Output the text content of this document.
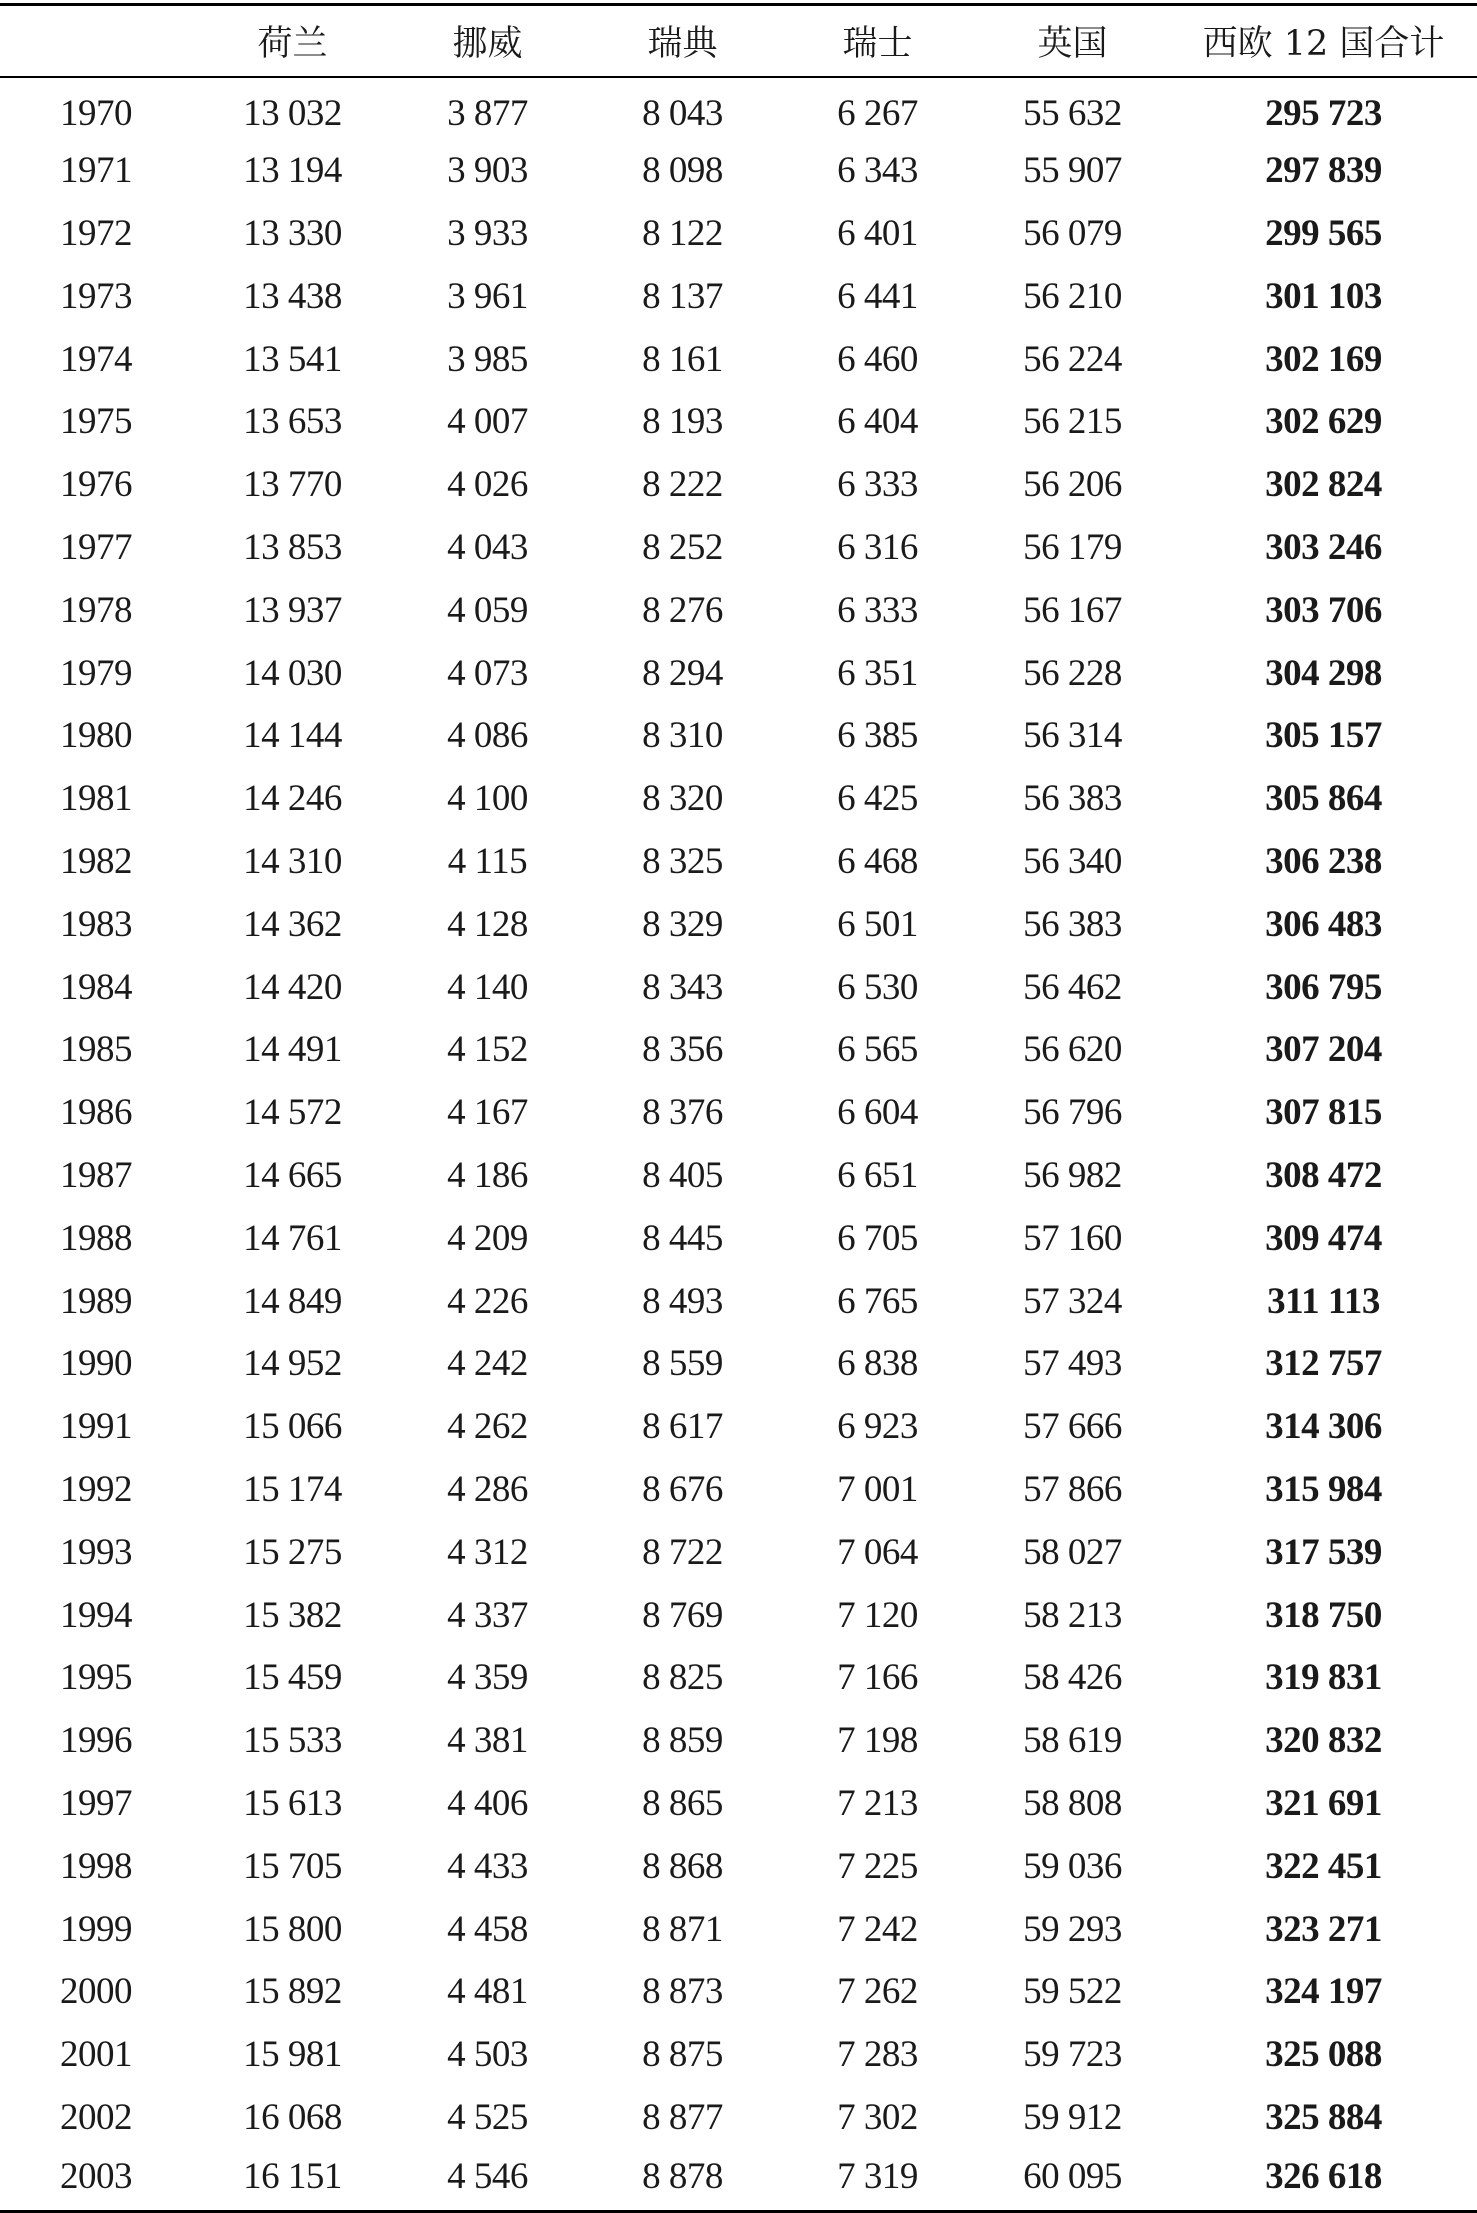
	荷兰	挪威	瑞典	瑞士	英国	西欧 12 国合计
1970	13 032	3 877	8 043	6 267	55 632	295 723
1971	13 194	3 903	8 098	6 343	55 907	297 839
1972	13 330	3 933	8 122	6 401	56 079	299 565
1973	13 438	3 961	8 137	6 441	56 210	301 103
1974	13 541	3 985	8 161	6 460	56 224	302 169
1975	13 653	4 007	8 193	6 404	56 215	302 629
1976	13 770	4 026	8 222	6 333	56 206	302 824
1977	13 853	4 043	8 252	6 316	56 179	303 246
1978	13 937	4 059	8 276	6 333	56 167	303 706
1979	14 030	4 073	8 294	6 351	56 228	304 298
1980	14 144	4 086	8 310	6 385	56 314	305 157
1981	14 246	4 100	8 320	6 425	56 383	305 864
1982	14 310	4 115	8 325	6 468	56 340	306 238
1983	14 362	4 128	8 329	6 501	56 383	306 483
1984	14 420	4 140	8 343	6 530	56 462	306 795
1985	14 491	4 152	8 356	6 565	56 620	307 204
1986	14 572	4 167	8 376	6 604	56 796	307 815
1987	14 665	4 186	8 405	6 651	56 982	308 472
1988	14 761	4 209	8 445	6 705	57 160	309 474
1989	14 849	4 226	8 493	6 765	57 324	311 113
1990	14 952	4 242	8 559	6 838	57 493	312 757
1991	15 066	4 262	8 617	6 923	57 666	314 306
1992	15 174	4 286	8 676	7 001	57 866	315 984
1993	15 275	4 312	8 722	7 064	58 027	317 539
1994	15 382	4 337	8 769	7 120	58 213	318 750
1995	15 459	4 359	8 825	7 166	58 426	319 831
1996	15 533	4 381	8 859	7 198	58 619	320 832
1997	15 613	4 406	8 865	7 213	58 808	321 691
1998	15 705	4 433	8 868	7 225	59 036	322 451
1999	15 800	4 458	8 871	7 242	59 293	323 271
2000	15 892	4 481	8 873	7 262	59 522	324 197
2001	15 981	4 503	8 875	7 283	59 723	325 088
2002	16 068	4 525	8 877	7 302	59 912	325 884
2003	16 151	4 546	8 878	7 319	60 095	326 618
